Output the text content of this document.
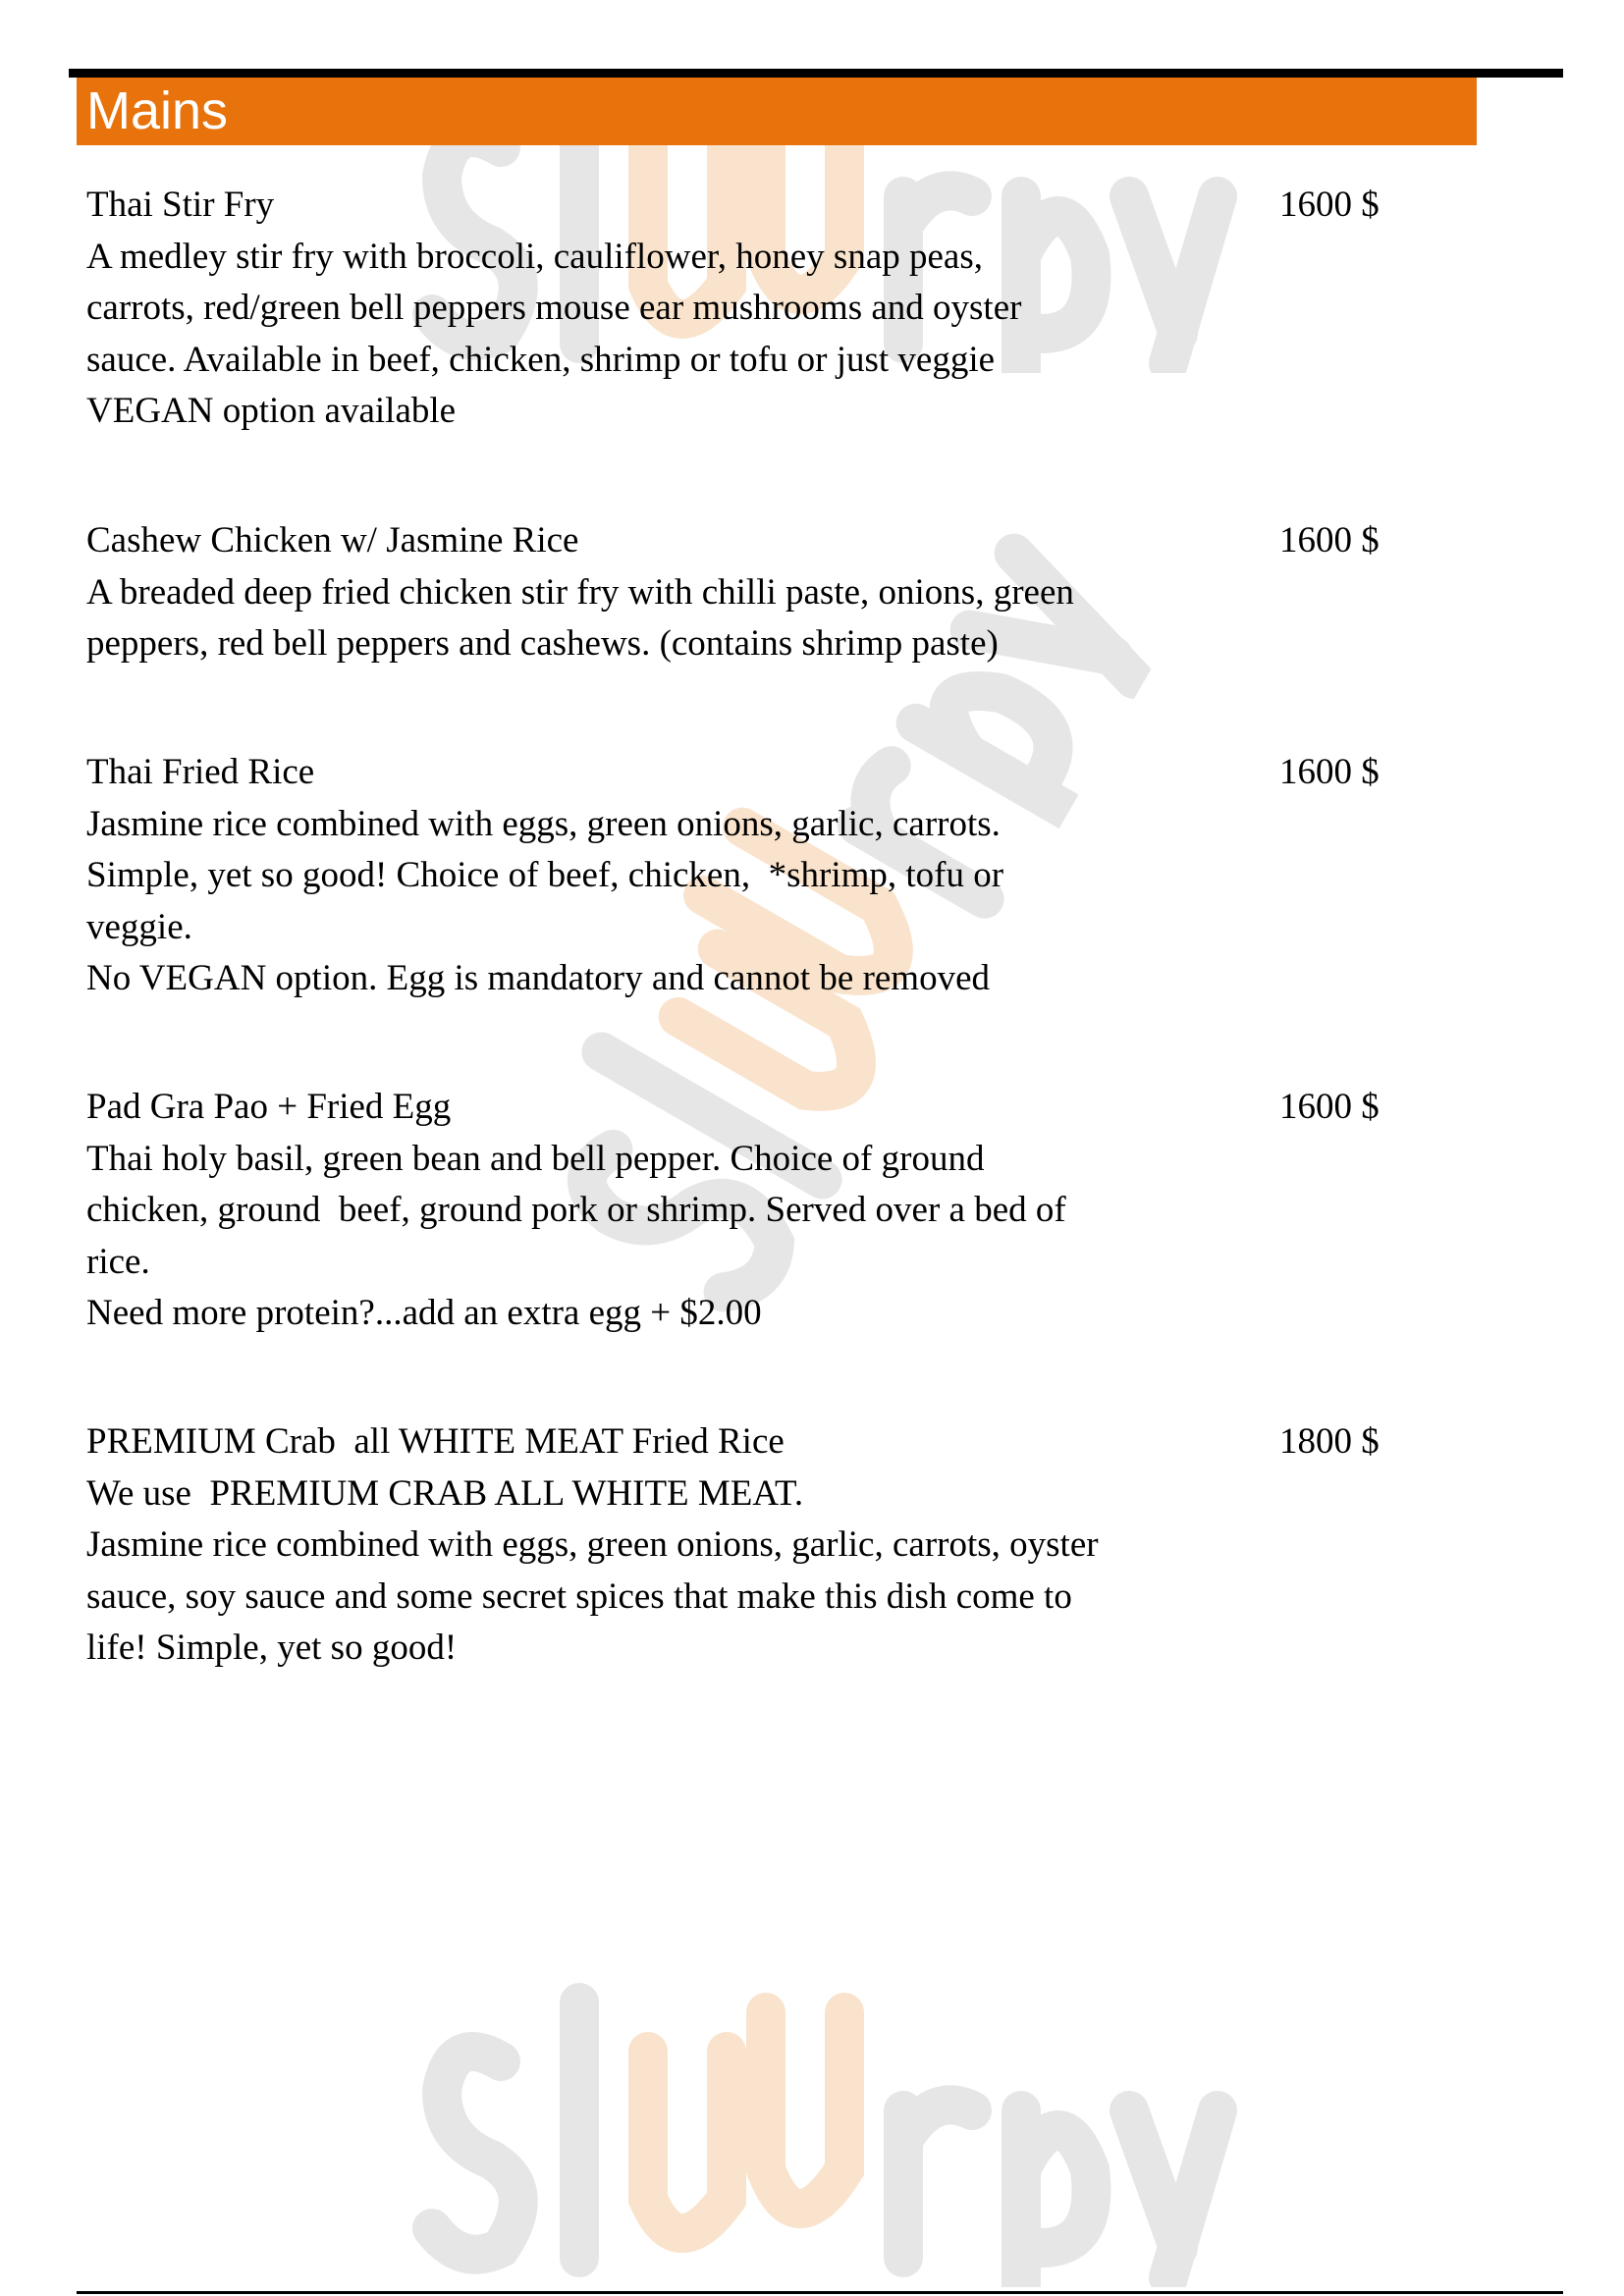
Mains
Thai Stir Fry
A medley stir fry with broccoli, cauliflower, honey snap peas,
carrots, red/green bell peppers mouse ear mushrooms and oyster
sauce. Available in beef, chicken, shrimp or tofu or just veggie
VEGAN option available
1600 $
Cashew Chicken w/ Jasmine Rice
A breaded deep fried chicken stir fry with chilli paste, onions, green
peppers, red bell peppers and cashews. (contains shrimp paste)
1600 $
Thai Fried Rice
Jasmine rice combined with eggs, green onions, garlic, carrots.
Simple, yet so good! Choice of beef, chicken,  *shrimp, tofu or
veggie.
No VEGAN option. Egg is mandatory and cannot be removed
1600 $
Pad Gra Pao + Fried Egg
Thai holy basil, green bean and bell pepper. Choice of ground
chicken, ground  beef, ground pork or shrimp. Served over a bed of
rice.
Need more protein?...add an extra egg + $2.00
1600 $
PREMIUM Crab  all WHITE MEAT Fried Rice
We use  PREMIUM CRAB ALL WHITE MEAT.
Jasmine rice combined with eggs, green onions, garlic, carrots, oyster
sauce, soy sauce and some secret spices that make this dish come to
life! Simple, yet so good!
1800 $
